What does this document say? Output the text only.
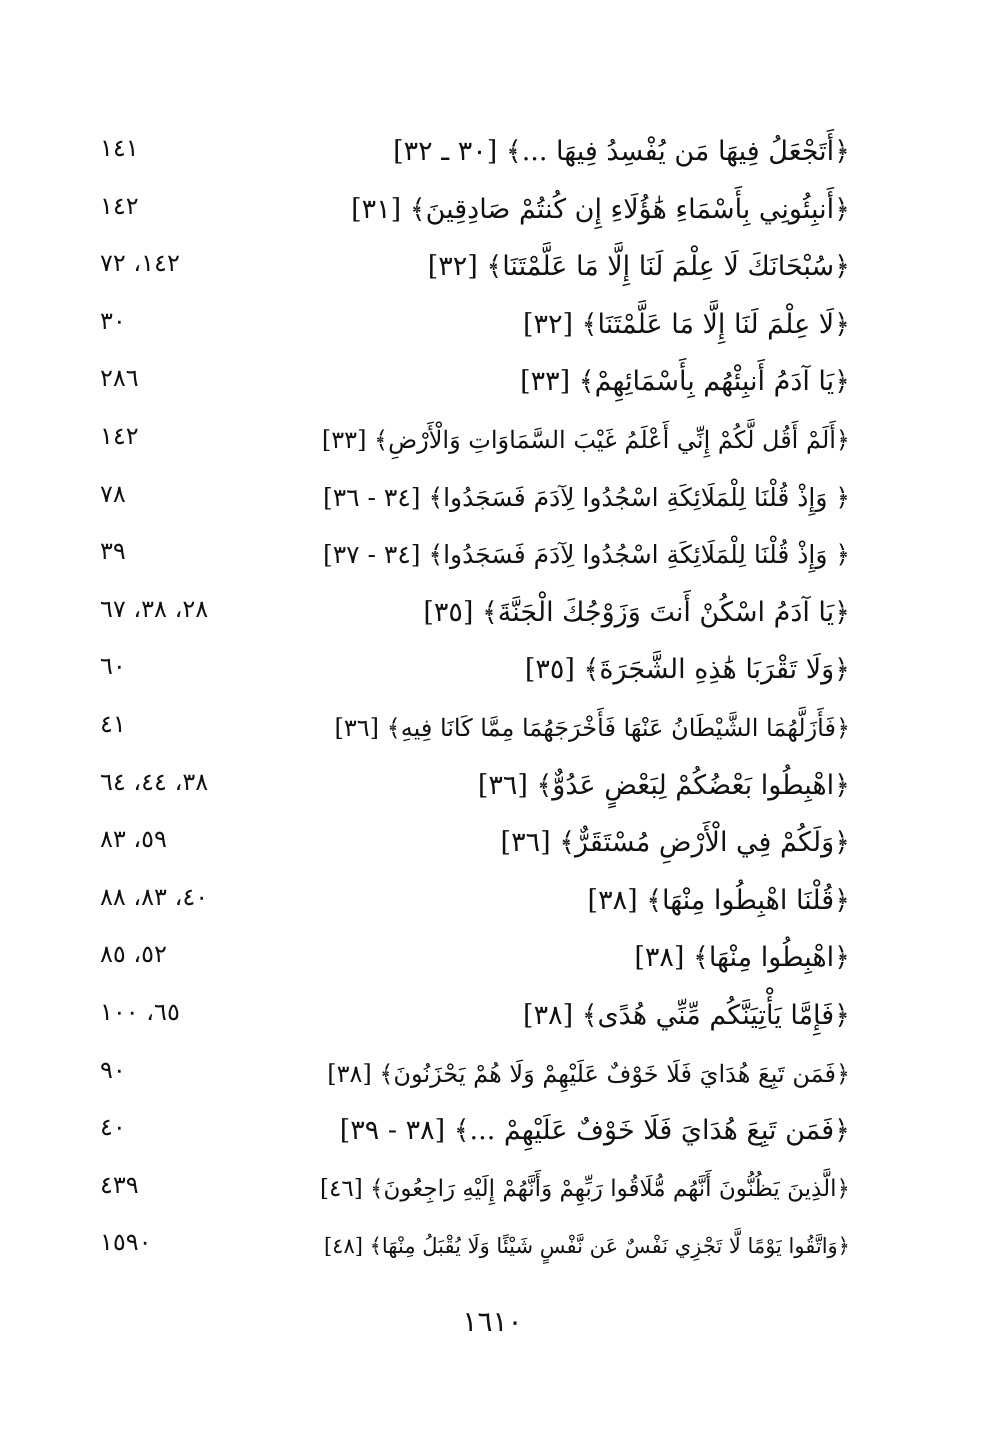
﴿أَتَجْعَلُ فِيهَا مَن يُفْسِدُ فِيهَا ...﴾ [٣٠ ـ ٣٢]
١٤١
﴿أَنبِئُونِي بِأَسْمَاءِ هَٰؤُلَاءِ إِن كُنتُمْ صَادِقِينَ﴾ [٣١]
١٤٢
﴿سُبْحَانَكَ لَا عِلْمَ لَنَا إِلَّا مَا عَلَّمْتَنَا﴾ [٣٢]
١٤٢، ٧٢
﴿لَا عِلْمَ لَنَا إِلَّا مَا عَلَّمْتَنَا﴾ [٣٢]
٣٠
﴿يَا آدَمُ أَنبِئْهُم بِأَسْمَائِهِمْ﴾ [٣٣]
٢٨٦
﴿أَلَمْ أَقُل لَّكُمْ إِنِّي أَعْلَمُ غَيْبَ السَّمَاوَاتِ وَالْأَرْضِ﴾ [٣٣]
١٤٢
﴿ وَإِذْ قُلْنَا لِلْمَلَائِكَةِ اسْجُدُوا لِآدَمَ فَسَجَدُوا﴾ [٣٤ - ٣٦]
٧٨
﴿ وَإِذْ قُلْنَا لِلْمَلَائِكَةِ اسْجُدُوا لِآدَمَ فَسَجَدُوا﴾ [٣٤ - ٣٧]
٣٩
﴿يَا آدَمُ اسْكُنْ أَنتَ وَزَوْجُكَ الْجَنَّةَ﴾ [٣٥]
٢٨، ٣٨، ٦٧
﴿وَلَا تَقْرَبَا هَٰذِهِ الشَّجَرَةَ﴾ [٣٥]
٦٠
﴿فَأَزَلَّهُمَا الشَّيْطَانُ عَنْهَا فَأَخْرَجَهُمَا مِمَّا كَانَا فِيهِ﴾ [٣٦]
٤١
﴿اهْبِطُوا بَعْضُكُمْ لِبَعْضٍ عَدُوٌّ﴾ [٣٦]
٣٨، ٤٤، ٦٤
﴿وَلَكُمْ فِي الْأَرْضِ مُسْتَقَرٌّ﴾ [٣٦]
٥٩، ٨٣
﴿قُلْنَا اهْبِطُوا مِنْهَا﴾ [٣٨]
٤٠، ٨٣، ٨٨
﴿اهْبِطُوا مِنْهَا﴾ [٣٨]
٥٢، ٨٥
﴿فَإِمَّا يَأْتِيَنَّكُم مِّنِّي هُدًى﴾ [٣٨]
٦٥، ١٠٠
﴿فَمَن تَبِعَ هُدَايَ فَلَا خَوْفٌ عَلَيْهِمْ وَلَا هُمْ يَحْزَنُونَ﴾ [٣٨]
٩٠
﴿فَمَن تَبِعَ هُدَايَ فَلَا خَوْفٌ عَلَيْهِمْ ...﴾ [٣٨ - ٣٩]
٤٠
﴿الَّذِينَ يَظُنُّونَ أَنَّهُم مُّلَاقُوا رَبِّهِمْ وَأَنَّهُمْ إِلَيْهِ رَاجِعُونَ﴾ [٤٦]
٤٣٩
﴿وَاتَّقُوا يَوْمًا لَّا تَجْزِي نَفْسٌ عَن نَّفْسٍ شَيْئًا وَلَا يُقْبَلُ مِنْهَا﴾ [٤٨]
١٥٩٠
١٦١٠
